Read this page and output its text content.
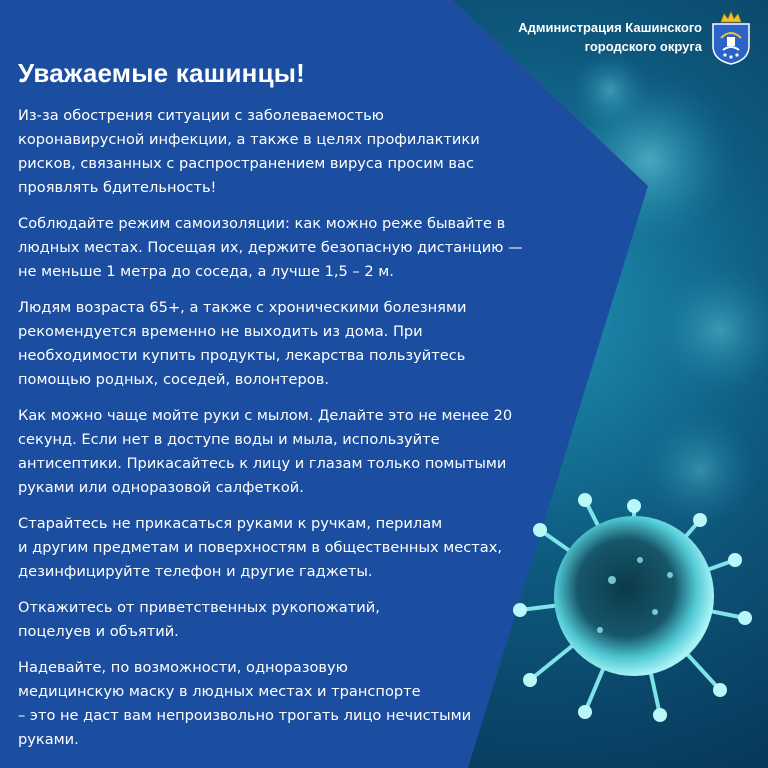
Администрация Кашинского
городского округа
Уважаемые кашинцы!

Из-за обострения ситуации с заболеваемостью
коронавирусной инфекции, а также в целях профилактики
рисков, связанных с распространением вируса просим вас
проявлять бдительность!

Соблюдайте режим самоизоляции: как можно реже бывайте в
людных местах. Посещая их, держите безопасную дистанцию —
не меньше 1 метра до соседа, а лучше 1,5 – 2 м.

Людям возраста 65+, а также с хроническими болезнями
рекомендуется временно не выходить из дома. При
необходимости купить продукты, лекарства пользуйтесь
помощью родных, соседей, волонтеров.

Как можно чаще мойте руки с мылом. Делайте это не менее 20
секунд. Если нет в доступе воды и мыла, используйте
антисептики. Прикасайтесь к лицу и глазам только помытыми
руками или одноразовой салфеткой.

Старайтесь не прикасаться руками к ручкам, перилам
и другим предметам и поверхностям в общественных местах,
дезинфицируйте телефон и другие гаджеты.

Откажитесь от приветственных рукопожатий,
поцелуев и объятий.

Надевайте, по возможности, одноразовую
медицинскую маску в людных местах и транспорте
– это не даст вам непроизвольно трогать лицо нечистыми
руками.
